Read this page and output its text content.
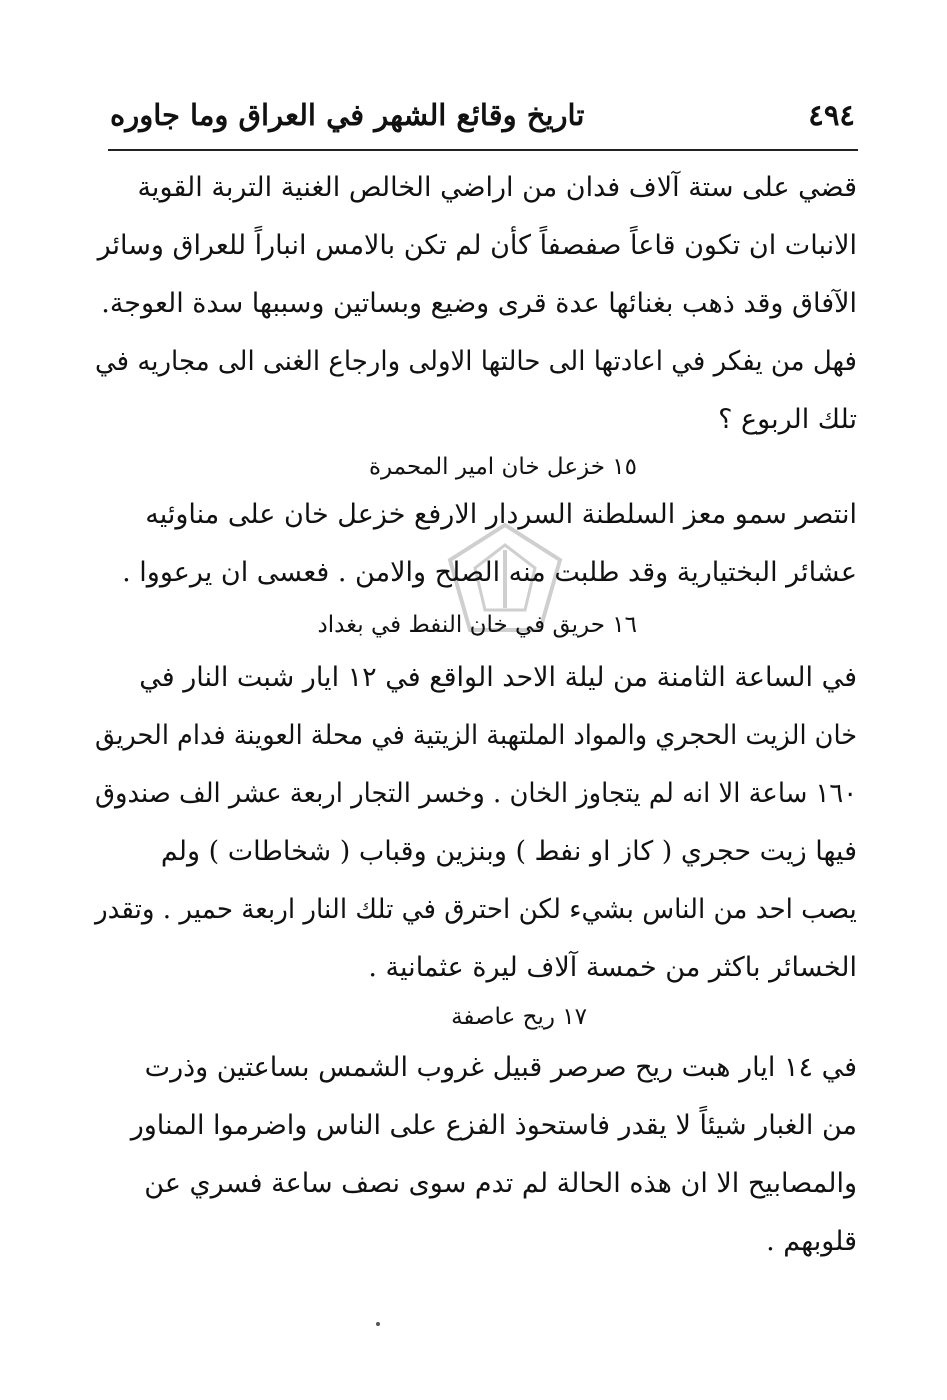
٤٩٤
تاريخ وقائع الشهر في العراق وما جاوره
قضي على ستة آلاف فدان من اراضي الخالص الغنية التربة القوية
الانبات ان تكون قاعاً صفصفاً كأن لم تكن بالامس انباراً للعراق وسائر
الآفاق وقد ذهب بغنائها عدة قرى وضيع وبساتين وسببها سدة العوجة.
فهل من يفكر في اعادتها الى حالتها الاولى وارجاع الغنى الى مجاريه في
تلك الربوع ؟
١٥ خزعل خان امير المحمرة
انتصر سمو معز السلطنة السردار الارفع خزعل خان على مناوئيه
عشائر البختيارية وقد طلبت منه الصلح والامن . فعسى ان يرعووا .
١٦ حريق في خان النفط في بغداد
في الساعة الثامنة من ليلة الاحد الواقع في ١٢ ايار شبت النار في
خان الزيت الحجري والمواد الملتهبة الزيتية في محلة العوينة فدام الحريق
١٦٠ ساعة الا انه لم يتجاوز الخان . وخسر التجار اربعة عشر الف صندوق
فيها زيت حجري ( كاز او نفط ) وبنزين وقباب ( شخاطات ) ولم
يصب احد من الناس بشيء لكن احترق في تلك النار اربعة حمير . وتقدر
الخسائر باكثر من خمسة آلاف ليرة عثمانية .
١٧ ريح عاصفة
في ١٤ ايار هبت ريح صرصر قبيل غروب الشمس بساعتين وذرت
من الغبار شيئاً لا يقدر فاستحوذ الفزع على الناس واضرموا المناور
والمصابيح الا ان هذه الحالة لم تدم سوى نصف ساعة فسري عن
قلوبهم .
